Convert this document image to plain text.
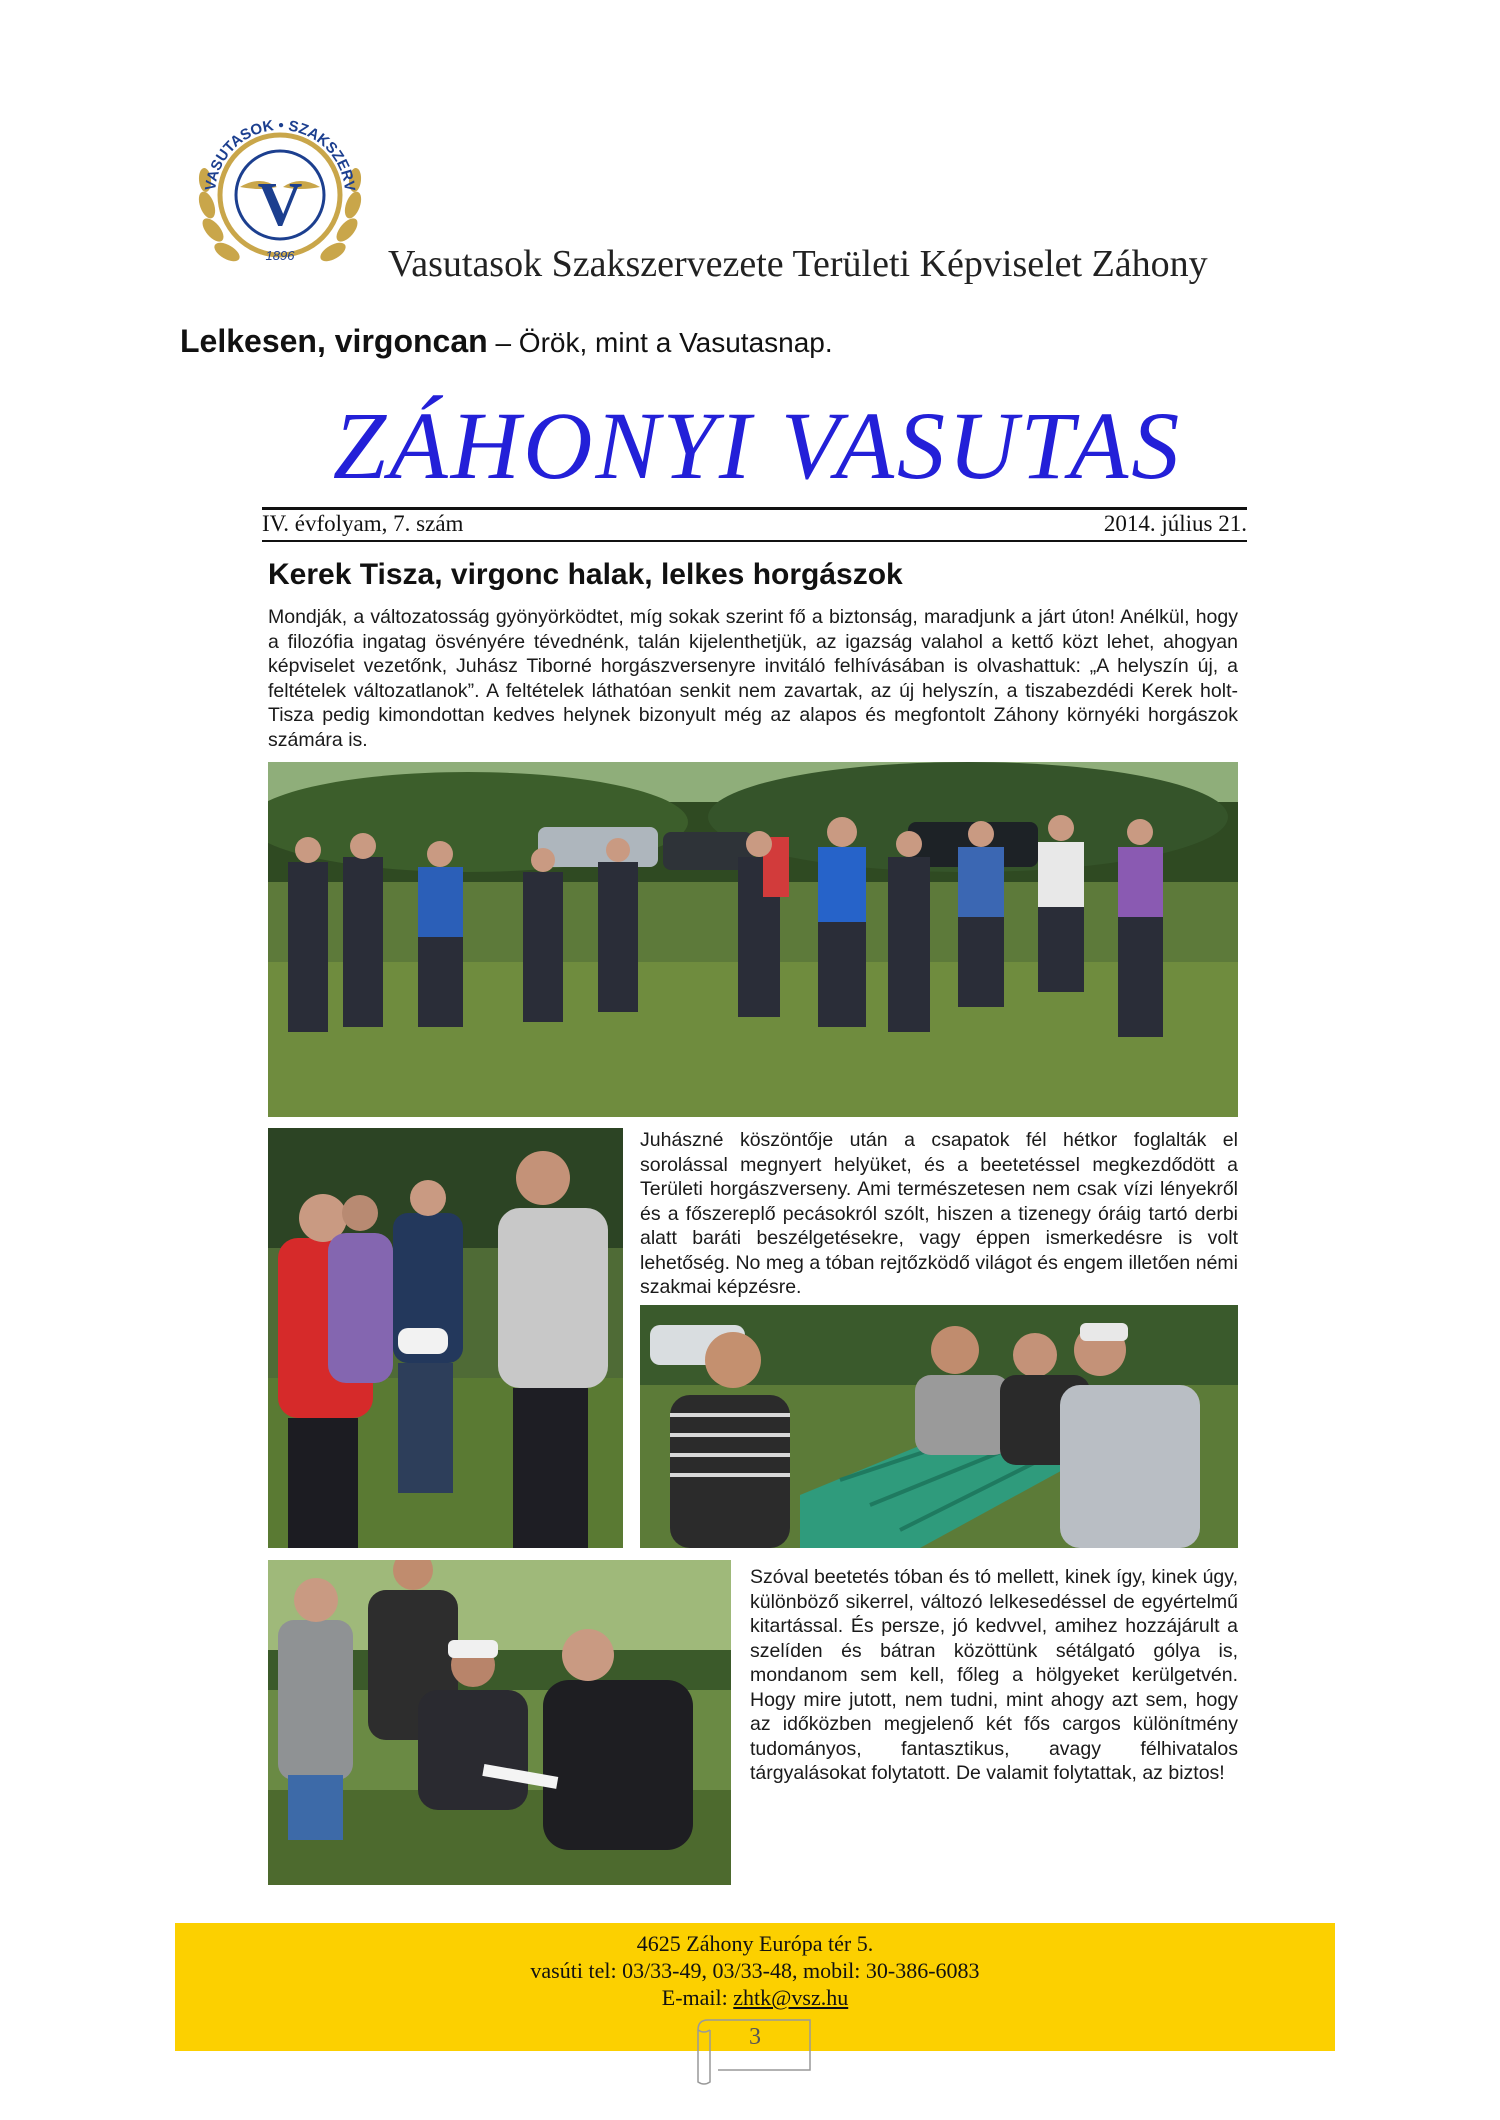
VASUTASOK • SZAKSZERV
V
1896 Vasutasok Szakszervezete Területi Képviselet Záhony
Lelkesen, virgoncan – Örök, mint a Vasutasnap.
ZÁHONYI VASUTAS
IV. évfolyam, 7. szám	2014. július 21.
Kerek Tisza, virgonc halak, lelkes horgászok
Mondják, a változatosság gyönyörködtet, míg sokak szerint fő a biztonság, maradjunk a járt úton! Anélkül, hogy a filozófia ingatag ösvényére tévednénk, talán kijelenthetjük, az igazság valahol a kettő közt lehet, ahogyan képviselet vezetőnk, Juhász Tiborné horgászversenyre invitáló felhívásában is olvashattuk: „A helyszín új, a feltételek változatlanok”. A feltételek láthatóan senkit nem zavartak, az új helyszín, a tiszabezdédi Kerek holt-Tisza pedig kimondottan kedves helynek bizonyult még az alapos és megfontolt Záhony környéki horgászok számára is.
Juhászné köszöntője után a csapatok fél hétkor foglalták el sorolással megnyert helyüket, és a beetetéssel megkezdődött a Területi horgászverseny. Ami természetesen nem csak vízi lényekről és a főszereplő pecásokról szólt, hiszen a tizenegy óráig tartó derbi alatt baráti beszélgetésekre, vagy éppen ismerkedésre is volt lehetőség. No meg a tóban rejtőzködő világot és engem illetően némi szakmai képzésre.
Szóval beetetés tóban és tó mellett, kinek így, kinek úgy, különböző sikerrel, változó lelkesedéssel de egyértelmű kitartással. És persze, jó kedvvel, amihez hozzájárult a szelíden és bátran közöttünk sétálgató gólya is, mondanom sem kell, főleg a hölgyeket kerülgetvén. Hogy mire jutott, nem tudni, mint ahogy azt sem, hogy az időközben megjelenő két fős cargos különítmény tudományos, fantasztikus, avagy félhivatalos tárgyalásokat folytatott. De valamit folytattak, az biztos!
4625 Záhony Európa tér 5.
vasúti tel: 03/33-49, 03/33-48, mobil: 30-386-6083
E-mail: zhtk@vsz.hu
3
